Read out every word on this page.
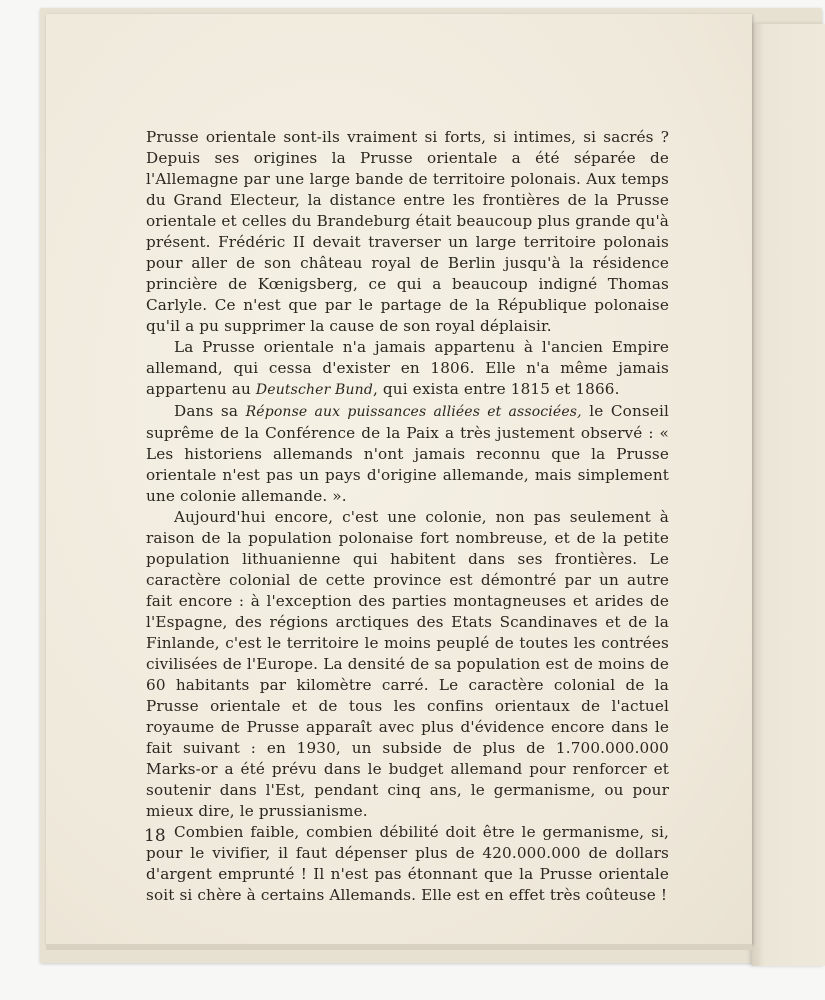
Prusse orientale sont-ils vraiment si forts, si intimes, si sacrés ? Depuis ses origines la Prusse orientale a été séparée de l'Allemagne par une large bande de territoire polonais. Aux temps du Grand Electeur, la distance entre les frontières de la Prusse orientale et celles du Brandeburg était beaucoup plus grande qu'à présent. Frédéric II devait traverser un large territoire polonais pour aller de son château royal de Berlin jusqu'à la résidence princière de Kœnigsberg, ce qui a beaucoup indigné Thomas Carlyle. Ce n'est que par le partage de la République polonaise qu'il a pu supprimer la cause de son royal déplaisir.

La Prusse orientale n'a jamais appartenu à l'ancien Empire allemand, qui cessa d'exister en 1806. Elle n'a même jamais appartenu au Deutscher Bund, qui exista entre 1815 et 1866.

Dans sa Réponse aux puissances alliées et associées, le Conseil suprême de la Conférence de la Paix a très justement observé : « Les historiens allemands n'ont jamais reconnu que la Prusse orientale n'est pas un pays d'origine allemande, mais simplement une colonie allemande. ».

Aujourd'hui encore, c'est une colonie, non pas seulement à raison de la population polonaise fort nombreuse, et de la petite population lithuanienne qui habitent dans ses frontières. Le caractère colonial de cette province est démontré par un autre fait encore : à l'exception des parties montagneuses et arides de l'Espagne, des régions arctiques des Etats Scandinaves et de la Finlande, c'est le territoire le moins peuplé de toutes les contrées civilisées de l'Europe. La densité de sa population est de moins de 60 habitants par kilomètre carré. Le caractère colonial de la Prusse orientale et de tous les confins orientaux de l'actuel royaume de Prusse apparaît avec plus d'évidence encore dans le fait suivant : en 1930, un subside de plus de 1.700.000.000 Marks-or a été prévu dans le budget allemand pour renforcer et soutenir dans l'Est, pendant cinq ans, le germanisme, ou pour mieux dire, le prussianisme.

Combien faible, combien débilité doit être le germanisme, si, pour le vivifier, il faut dépenser plus de 420.000.000 de dollars d'argent emprunté ! Il n'est pas étonnant que la Prusse orientale soit si chère à certains Allemands. Elle est en effet très coûteuse !

18
